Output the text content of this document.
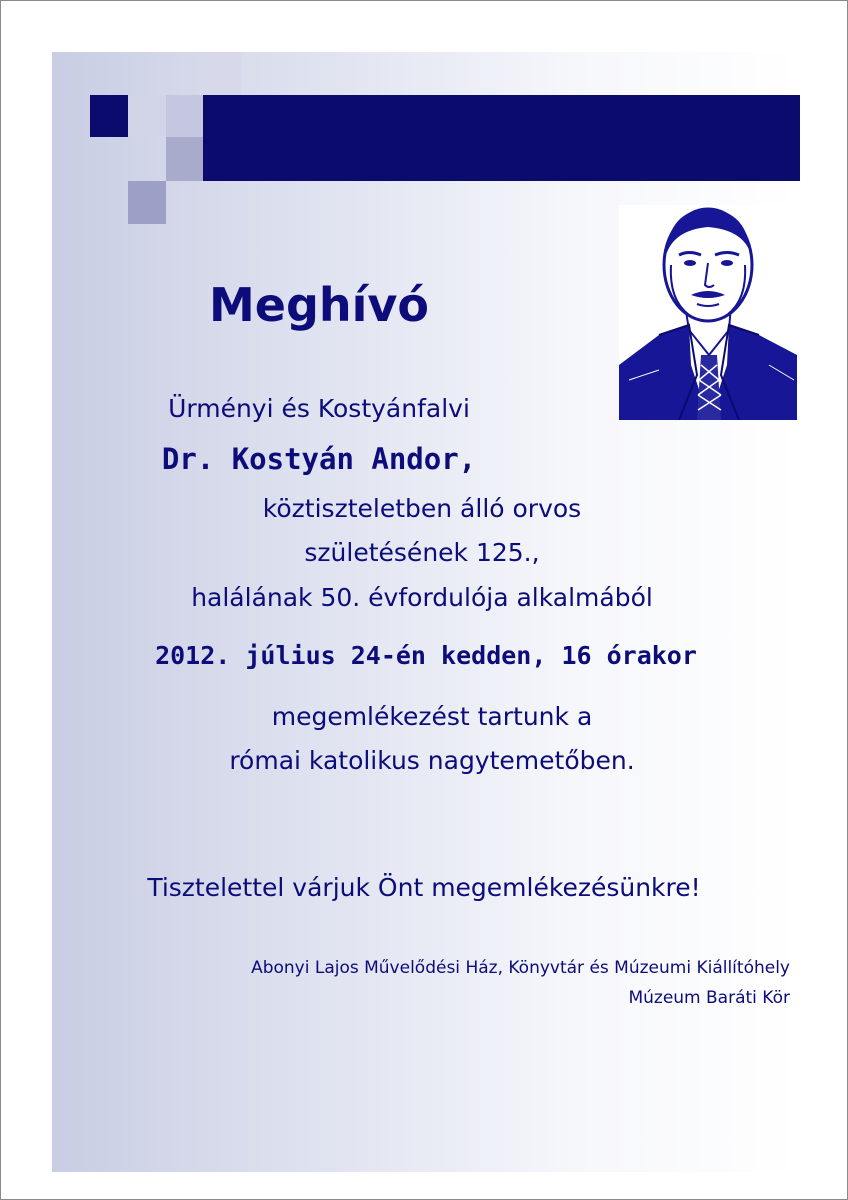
Meghívó
Ürményi és Kostyánfalvi
Dr. Kostyán Andor,
köztiszteletben álló orvos
születésének 125.,
halálának 50. évfordulója alkalmából
2012. július 24-én kedden, 16 órakor
megemlékezést tartunk a
római katolikus nagytemetőben.
Tisztelettel várjuk Önt megemlékezésünkre!
Abonyi Lajos Művelődési Ház, Könyvtár és Múzeumi Kiállítóhely
Múzeum Baráti Kör
